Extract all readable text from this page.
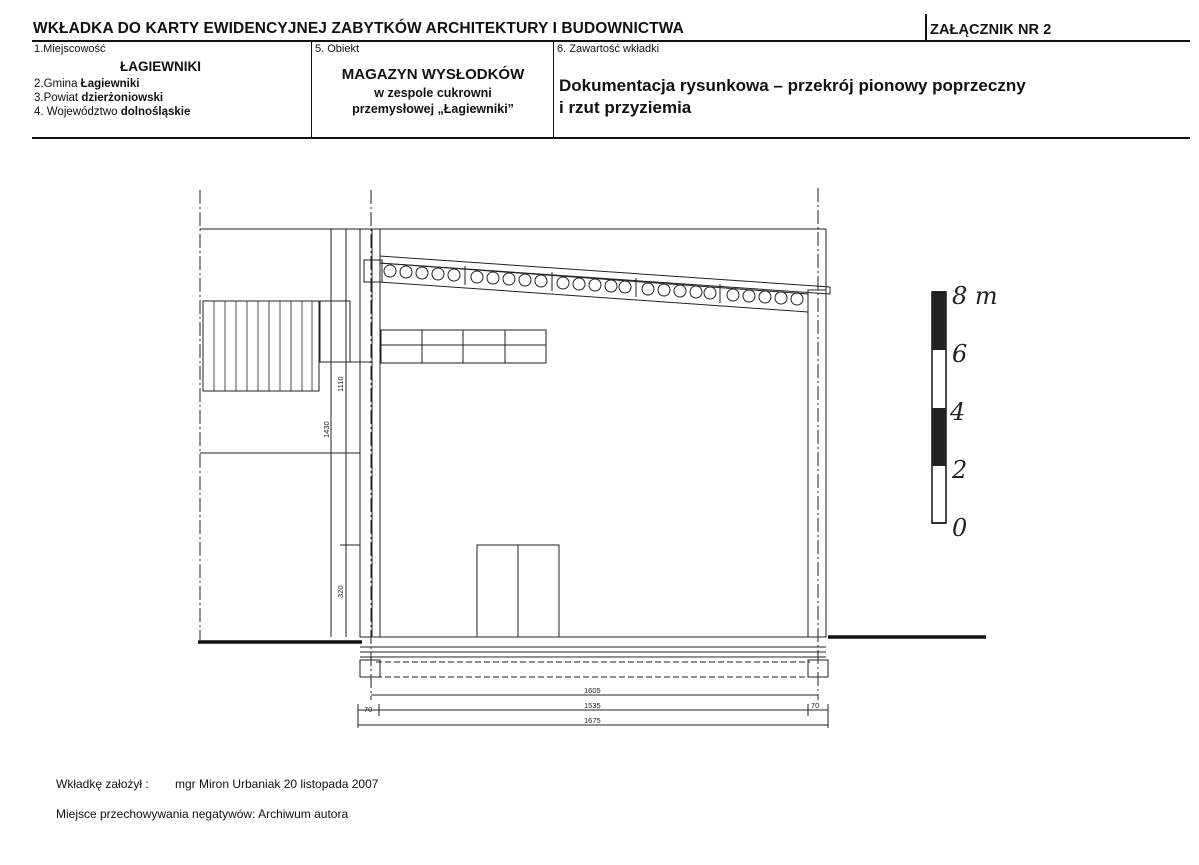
WKŁADKA DO KARTY EWIDENCYJNEJ ZABYTKÓW ARCHITEKTURY I BUDOWNICTWA	ZAŁĄCZNIK NR 2
1.Miejscowość
ŁAGIEWNIKI
2.Gmina Łagiewniki
3.Powiat dzierżoniowski
4. Województwo dolnośląskie
5. Obiekt
MAGAZYN WYSŁODKÓW
w zespole cukrowni
przemysłowej „Łagiewniki”
6. Zawartość wkładki
Dokumentacja rysunkowa – przekrój pionowy poprzeczny
i rzut przyziemia
1110
1430
320
1605
70	1535	70
1675
8 m
6
4
2
0
Wkładkę założył : mgr Miron Urbaniak 20 listopada 2007
Miejsce przechowywania negatywów: Archiwum autora
